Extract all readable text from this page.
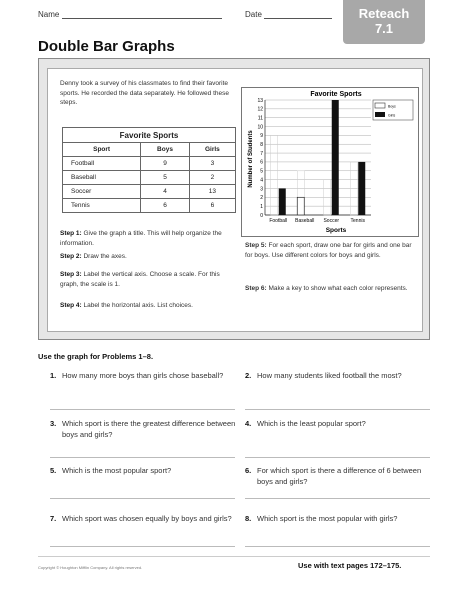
Name	Date	Reteach
7.1
Double Bar Graphs
Denny took a survey of his classmates to find their favorite sports. He recorded the data separately. He followed these steps.
Favorite Sports		
Sport	Boys	Girls
Football	9	3
Baseball	5	2
Soccer	4	13
Tennis	6	6
Step 1: Give the graph a title. This will help organize the information.
Step 2: Draw the axes.
Step 3: Label the vertical axis. Choose a scale. For this graph, the scale is 1.
Step 4: Label the horizontal axis. List choices.
Favorite Sports
0
1
2
3
4
5
6
7
8
9
10
11
12
13
Football Baseball Soccer Tennis
Number of Students
Sports
Boys
Girls
Step 5: For each sport, draw one bar for girls and one bar for boys. Use different colors for boys and girls.
Step 6: Make a key to show what each color represents.
Use the graph for Problems 1–8.
1. How many more boys than girls chose baseball?	2. How many students liked football the most?
3. Which sport is there the greatest difference between boys and girls?
4. Which is the least popular sport?
5. Which is the most popular sport?	6. For which sport is there a difference of 6 between boys and girls?
7. Which sport was chosen equally by boys and girls?	8. Which sport is the most popular with girls?
Copyright © Houghton Mifflin Company. All rights reserved.	Use with text pages 172–175.
